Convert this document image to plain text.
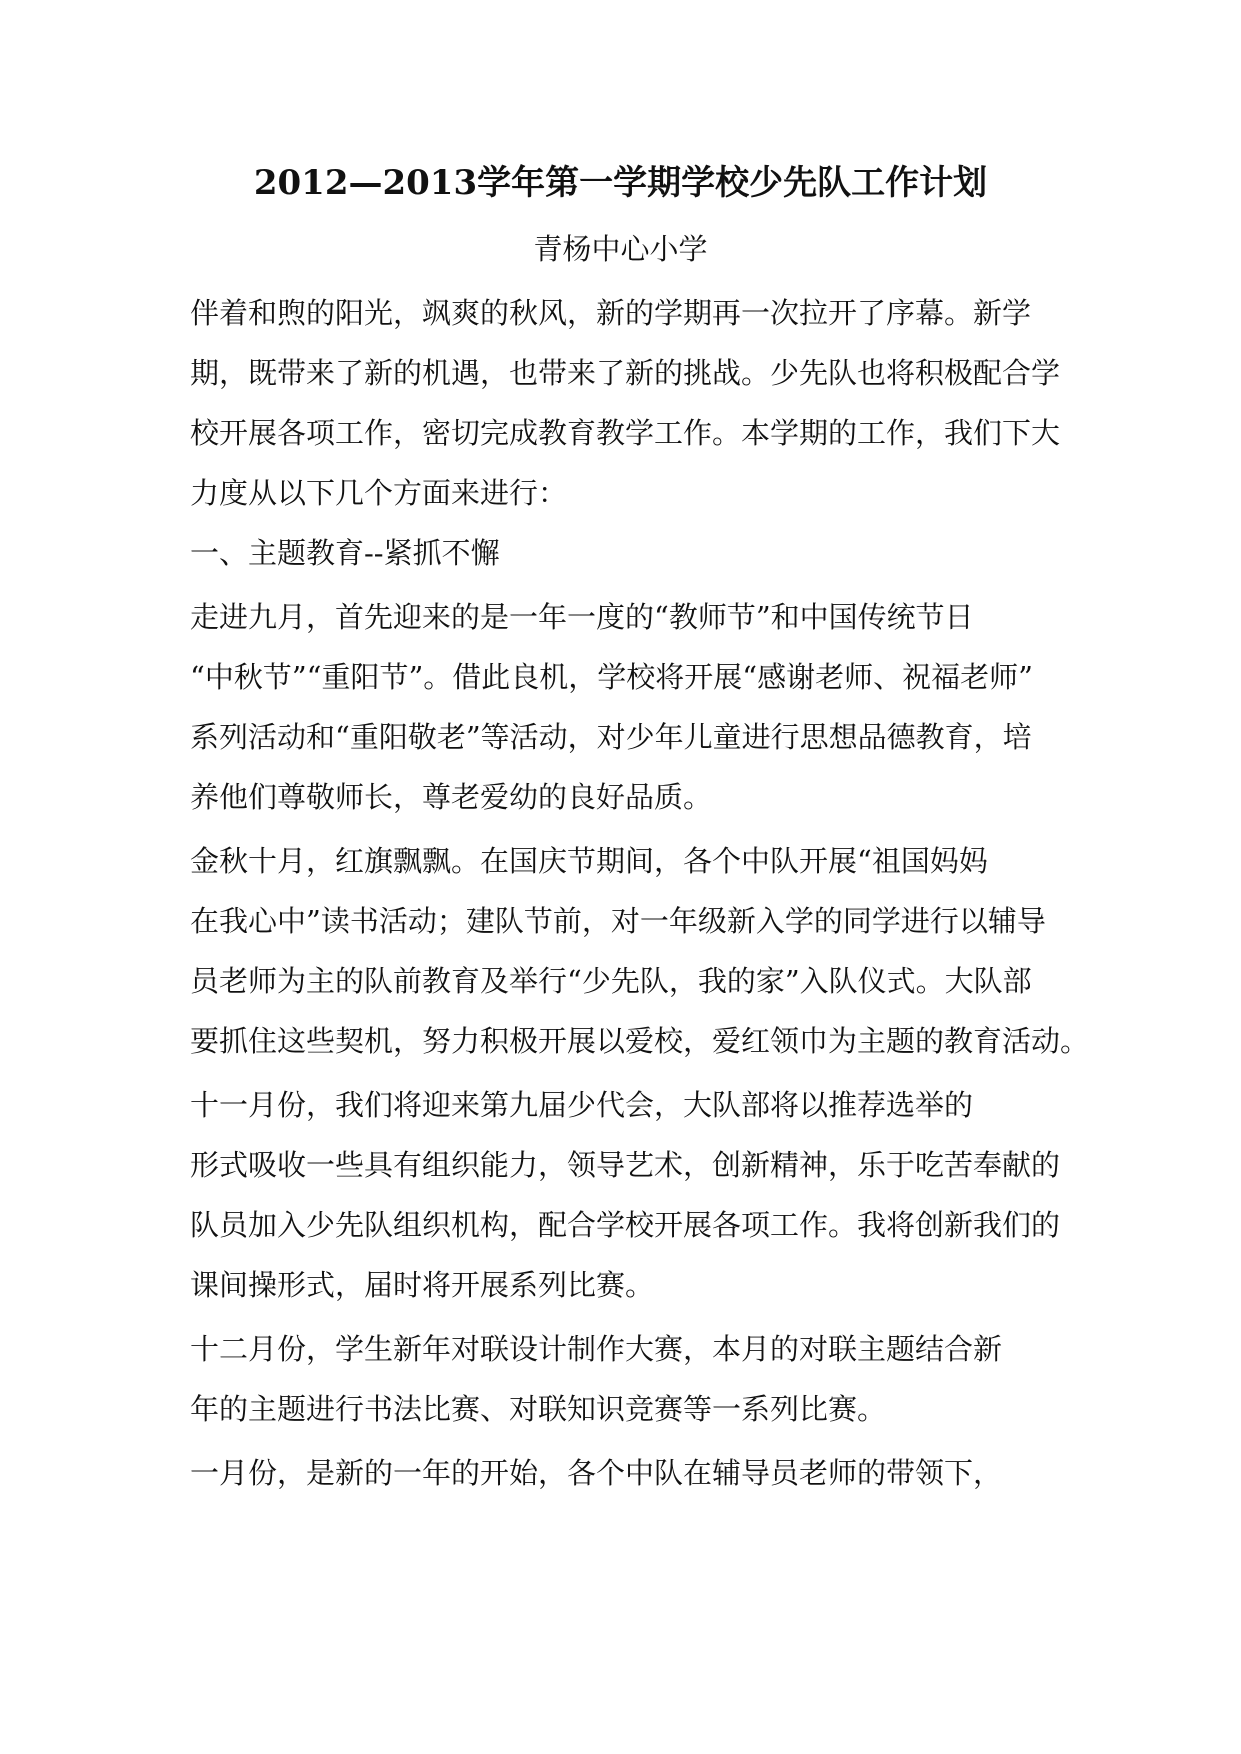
2012—2013学年第一学期学校少先队工作计划
青杨中心小学
伴着和煦的阳光，飒爽的秋风，新的学期再一次拉开了序幕。新学
期，既带来了新的机遇，也带来了新的挑战。少先队也将积极配合学
校开展各项工作，密切完成教育教学工作。本学期的工作，我们下大
力度从以下几个方面来进行：
一、主题教育--紧抓不懈
走进九月，首先迎来的是一年一度的“教师节”和中国传统节日
“中秋节”“重阳节”。借此良机，学校将开展“感谢老师、祝福老师”
系列活动和“重阳敬老”等活动，对少年儿童进行思想品德教育，培
养他们尊敬师长，尊老爱幼的良好品质。
金秋十月，红旗飘飘。在国庆节期间，各个中队开展“祖国妈妈
在我心中”读书活动；建队节前，对一年级新入学的同学进行以辅导
员老师为主的队前教育及举行“少先队，我的家”入队仪式。大队部
要抓住这些契机，努力积极开展以爱校，爱红领巾为主题的教育活动。
十一月份，我们将迎来第九届少代会，大队部将以推荐选举的
形式吸收一些具有组织能力，领导艺术，创新精神，乐于吃苦奉献的
队员加入少先队组织机构，配合学校开展各项工作。我将创新我们的
课间操形式，届时将开展系列比赛。
十二月份，学生新年对联设计制作大赛，本月的对联主题结合新
年的主题进行书法比赛、对联知识竞赛等一系列比赛。
一月份，是新的一年的开始，各个中队在辅导员老师的带领下，
